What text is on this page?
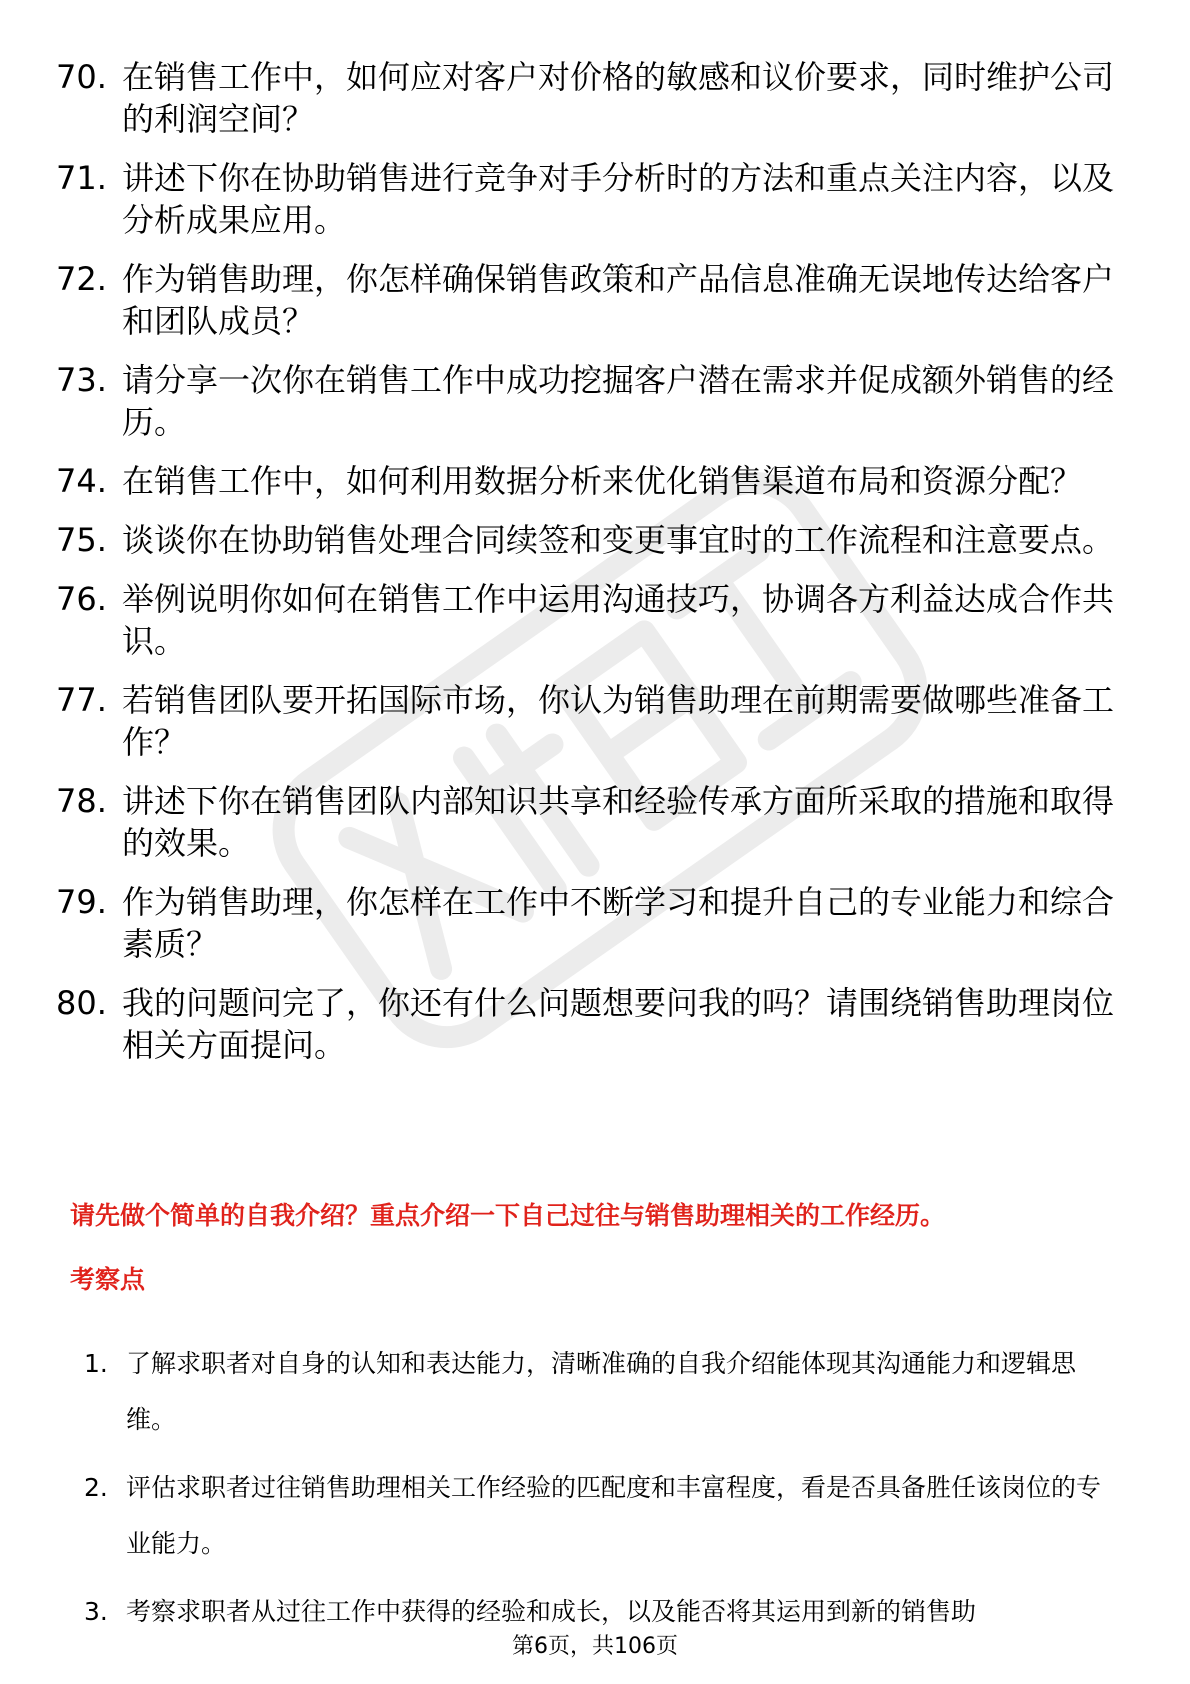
70. 在销售工作中，如何应对客户对价格的敏感和议价要求，同时维护公司的利润空间？
71. 讲述下你在协助销售进行竞争对手分析时的方法和重点关注内容，以及分析成果应用。
72. 作为销售助理，你怎样确保销售政策和产品信息准确无误地传达给客户和团队成员？
73. 请分享一次你在销售工作中成功挖掘客户潜在需求并促成额外销售的经历。
74. 在销售工作中，如何利用数据分析来优化销售渠道布局和资源分配？
75. 谈谈你在协助销售处理合同续签和变更事宜时的工作流程和注意要点。
76. 举例说明你如何在销售工作中运用沟通技巧，协调各方利益达成合作共识。
77. 若销售团队要开拓国际市场，你认为销售助理在前期需要做哪些准备工作？
78. 讲述下你在销售团队内部知识共享和经验传承方面所采取的措施和取得的效果。
79. 作为销售助理，你怎样在工作中不断学习和提升自己的专业能力和综合素质？
80. 我的问题问完了，你还有什么问题想要问我的吗？请围绕销售助理岗位相关方面提问。
请先做个简单的自我介绍？重点介绍一下自己过往与销售助理相关的工作经历。
考察点
1. 了解求职者对自身的认知和表达能力，清晰准确的自我介绍能体现其沟通能力和逻辑思维。
2. 评估求职者过往销售助理相关工作经验的匹配度和丰富程度，看是否具备胜任该岗位的专业能力。
3. 考察求职者从过往工作中获得的经验和成长，以及能否将其运用到新的销售助
第6页，共106页
